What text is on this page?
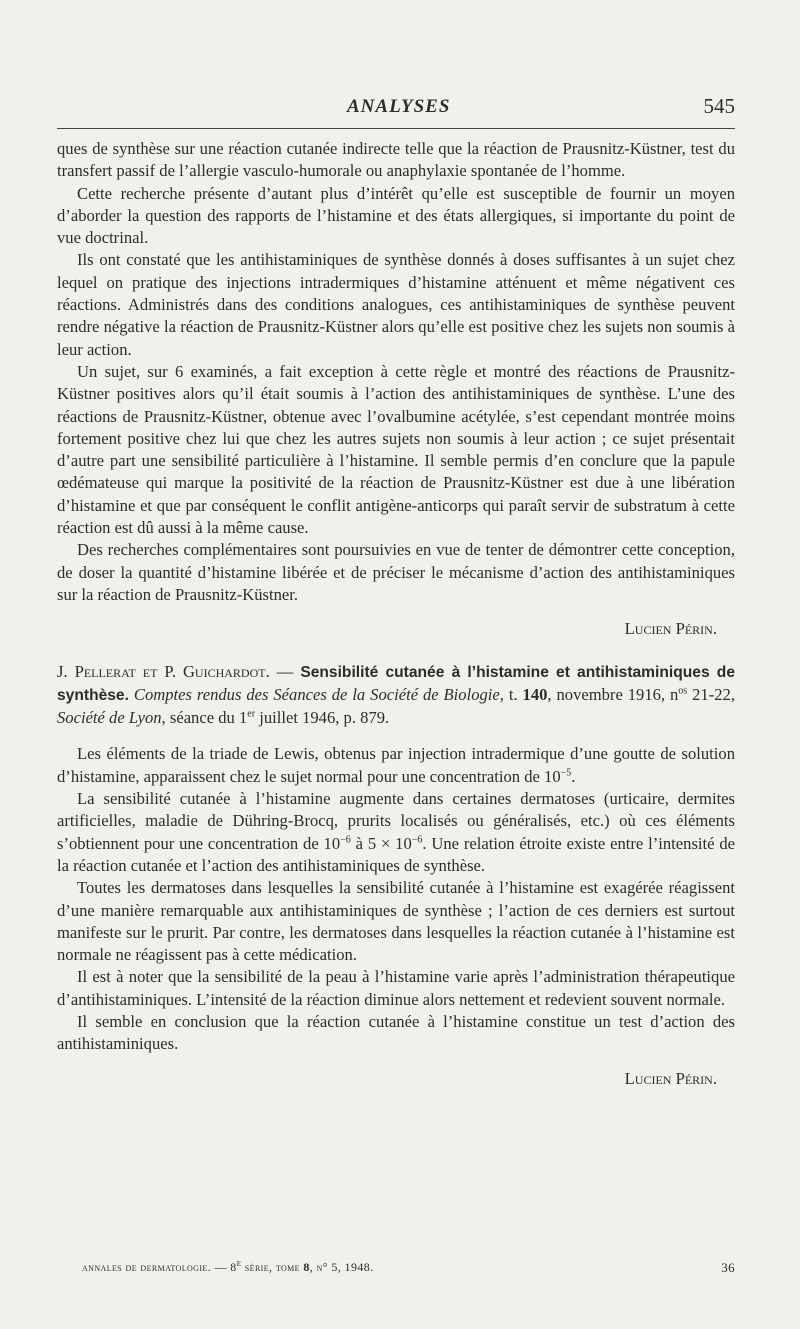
ANALYSES	545

ques de synthèse sur une réaction cutanée indirecte telle que la réaction de Prausnitz-Küstner, test du transfert passif de l’allergie vasculo-humorale ou anaphylaxie spontanée de l’homme.

Cette recherche présente d’autant plus d’intérêt qu’elle est susceptible de fournir un moyen d’aborder la question des rapports de l’histamine et des états allergiques, si importante du point de vue doctrinal.

Ils ont constaté que les antihistaminiques de synthèse donnés à doses suffisantes à un sujet chez lequel on pratique des injections intradermiques d’histamine atténuent et même négativent ces réactions. Administrés dans des conditions analogues, ces antihistaminiques de synthèse peuvent rendre négative la réaction de Prausnitz-Küstner alors qu’elle est positive chez les sujets non soumis à leur action.

Un sujet, sur 6 examinés, a fait exception à cette règle et montré des réactions de Prausnitz-Küstner positives alors qu’il était soumis à l’action des antihistaminiques de synthèse. L’une des réactions de Prausnitz-Küstner, obtenue avec l’ovalbumine acétylée, s’est cependant montrée moins fortement positive chez lui que chez les autres sujets non soumis à leur action ; ce sujet présentait d’autre part une sensibilité particulière à l’histamine. Il semble permis d’en conclure que la papule œdémateuse qui marque la positivité de la réaction de Prausnitz-Küstner est due à une libération d’histamine et que par conséquent le conflit antigène-anticorps qui paraît servir de substratum à cette réaction est dû aussi à la même cause.

Des recherches complémentaires sont poursuivies en vue de tenter de démontrer cette conception, de doser la quantité d’histamine libérée et de préciser le mécanisme d’action des antihistaminiques sur la réaction de Prausnitz-Küstner.

Lucien Périn.

J. Pellerat et P. Guichardot. — Sensibilité cutanée à l’histamine et antihistaminiques de synthèse. Comptes rendus des Séances de la Société de Biologie, t. 140, novembre 1916, $n^{os}$ 21-22, Société de Lyon, séance du 1er juillet 1946, p. 879.

Les éléments de la triade de Lewis, obtenus par injection intradermique d’une goutte de solution d’histamine, apparaissent chez le sujet normal pour une concentration de $10^{-5}$.

La sensibilité cutanée à l’histamine augmente dans certaines dermatoses (urticaire, dermites artificielles, maladie de Dühring-Brocq, prurits localisés ou généralisés, etc.) où ces éléments s’obtiennent pour une concentration de $10^{-6}$ à $5 \times 10^{-6}$. Une relation étroite existe entre l’intensité de la réaction cutanée et l’action des antihistaminiques de synthèse.

Toutes les dermatoses dans lesquelles la sensibilité cutanée à l’histamine est exagérée réagissent d’une manière remarquable aux antihistaminiques de synthèse ; l’action de ces derniers est surtout manifeste sur le prurit. Par contre, les dermatoses dans lesquelles la réaction cutanée à l’histamine est normale ne réagissent pas à cette médication.

Il est à noter que la sensibilité de la peau à l’histamine varie après l’administration thérapeutique d’antihistaminiques. L’intensité de la réaction diminue alors nettement et redevient souvent normale.

Il semble en conclusion que la réaction cutanée à l’histamine constitue un test d’action des antihistaminiques.

Lucien Périn.

annales de dermatologie. — 8e série, tome 8, n° 5, 1948.	36
